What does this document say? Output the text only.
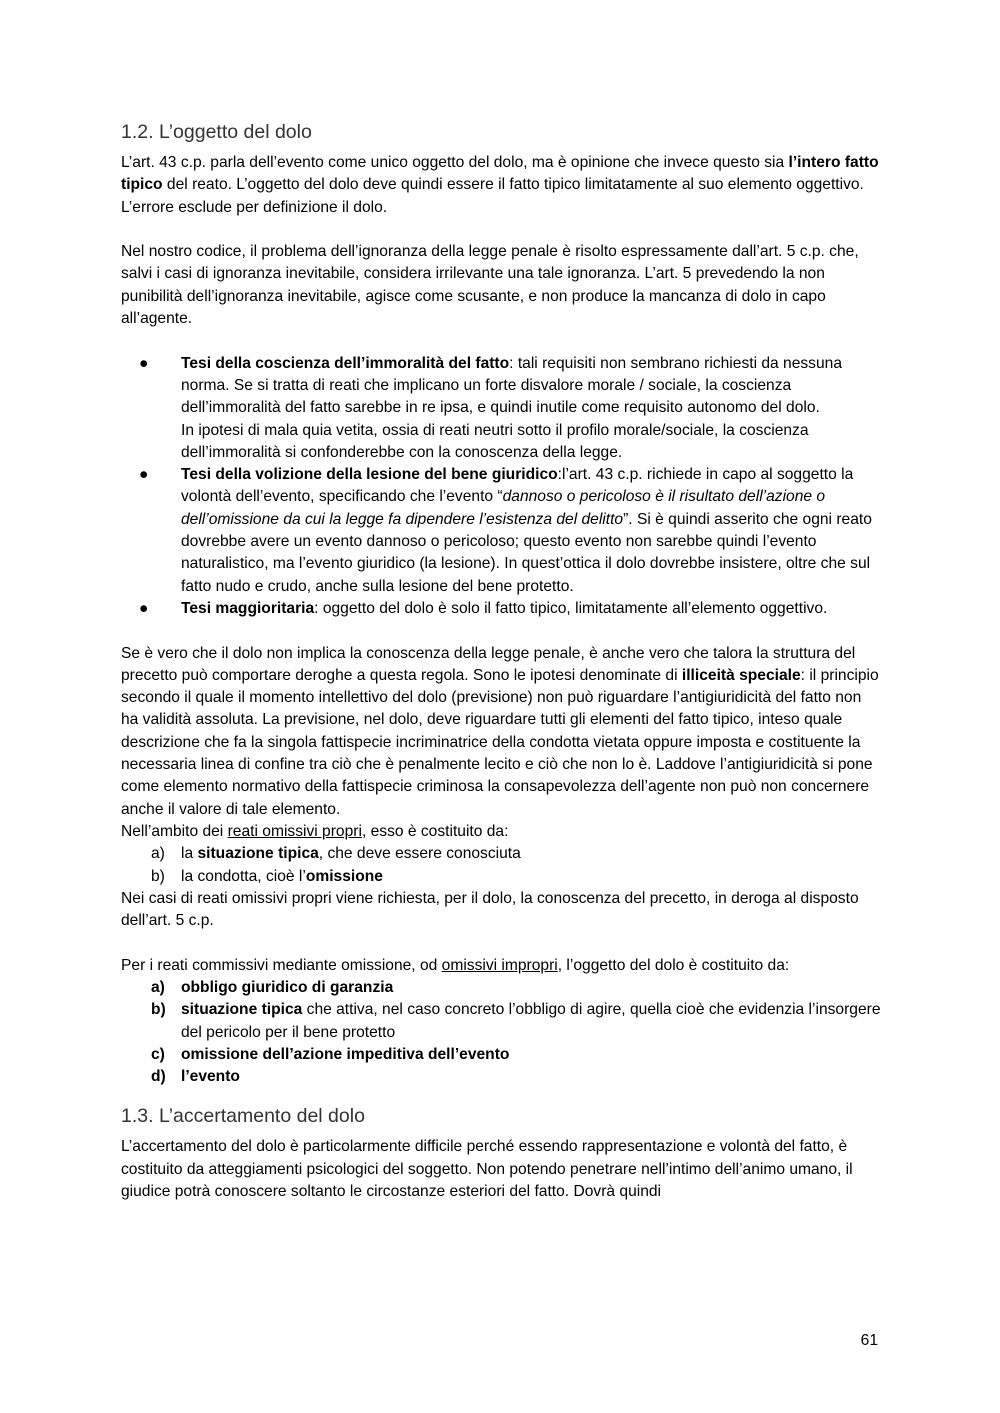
1.2. L’oggetto del dolo

L’art. 43 c.p. parla dell’evento come unico oggetto del dolo, ma è opinione che invece questo sia l’intero fatto tipico del reato. L’oggetto del dolo deve quindi essere il fatto tipico limitatamente al suo elemento oggettivo.

L’errore esclude per definizione il dolo.

Nel nostro codice, il problema dell’ignoranza della legge penale è risolto espressamente dall’art. 5 c.p. che, salvi i casi di ignoranza inevitabile, considera irrilevante una tale ignoranza. L’art. 5 prevedendo la non punibilità dell’ignoranza inevitabile, agisce come scusante, e non produce la mancanza di dolo in capo all’agente.

● Tesi della coscienza dell’immoralità del fatto: tali requisiti non sembrano richiesti da nessuna norma. Se si tratta di reati che implicano un forte disvalore morale / sociale, la coscienza dell’immoralità del fatto sarebbe in re ipsa, e quindi inutile come requisito autonomo del dolo.
In ipotesi di mala quia vetita, ossia di reati neutri sotto il profilo morale/sociale, la coscienza dell’immoralità si confonderebbe con la conoscenza della legge.
● Tesi della volizione della lesione del bene giuridico:l’art. 43 c.p. richiede in capo al soggetto la volontà dell’evento, specificando che l’evento “dannoso o pericoloso è il risultato dell’azione o dell’omissione da cui la legge fa dipendere l’esistenza del delitto”. Si è quindi asserito che ogni reato dovrebbe avere un evento dannoso o pericoloso; questo evento non sarebbe quindi l’evento naturalistico, ma l’evento giuridico (la lesione). In quest’ottica il dolo dovrebbe insistere, oltre che sul fatto nudo e crudo, anche sulla lesione del bene protetto.
● Tesi maggioritaria: oggetto del dolo è solo il fatto tipico, limitatamente all’elemento oggettivo.

Se è vero che il dolo non implica la conoscenza della legge penale, è anche vero che talora la struttura del precetto può comportare deroghe a questa regola. Sono le ipotesi denominate di illiceità speciale: il principio secondo il quale il momento intellettivo del dolo (previsione) non può riguardare l’antigiuridicità del fatto non ha validità assoluta. La previsione, nel dolo, deve riguardare tutti gli elementi del fatto tipico, inteso quale descrizione che fa la singola fattispecie incriminatrice della condotta vietata oppure imposta e costituente la necessaria linea di confine tra ciò che è penalmente lecito e ciò che non lo è. Laddove l’antigiuridicità si pone come elemento normativo della fattispecie criminosa la consapevolezza dell’agente non può non concernere anche il valore di tale elemento.

Nell’ambito dei reati omissivi propri, esso è costituito da:

a) la situazione tipica, che deve essere conosciuta
b) la condotta, cioè l’omissione

Nei casi di reati omissivi propri viene richiesta, per il dolo, la conoscenza del precetto, in deroga al disposto dell’art. 5 c.p.

Per i reati commissivi mediante omissione, od omissivi impropri, l’oggetto del dolo è costituito da:

a) obbligo giuridico di garanzia
b) situazione tipica che attiva, nel caso concreto l’obbligo di agire, quella cioè che evidenzia l’insorgere del pericolo per il bene protetto
c) omissione dell’azione impeditiva dell’evento
d) l’evento
1.3. L’accertamento del dolo

L’accertamento del dolo è particolarmente difficile perché essendo rappresentazione e volontà del fatto, è costituito da atteggiamenti psicologici del soggetto. Non potendo penetrare nell’intimo dell’animo umano, il giudice potrà conoscere soltanto le circostanze esteriori del fatto. Dovrà quindi

61
